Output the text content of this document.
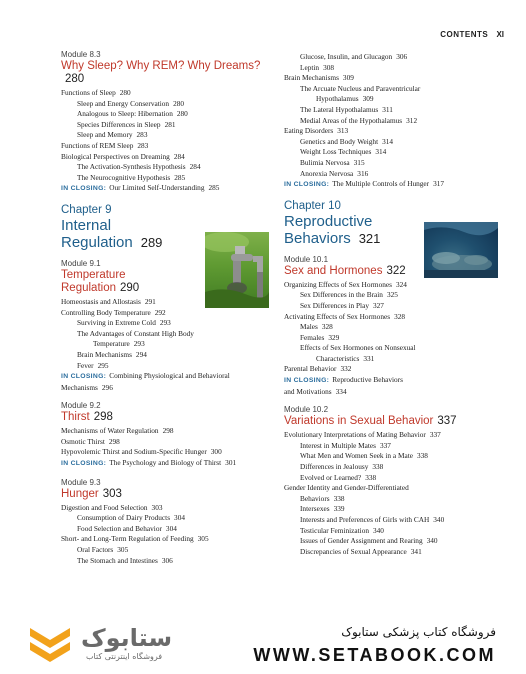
CONTENTS XI

Module 8.3

Why Sleep? Why REM? Why Dreams?280

Functions of Sleep 280

Sleep and Energy Conservation 280

Analogous to Sleep: Hibernation 280

Species Differences in Sleep 281

Sleep and Memory 283

Functions of REM Sleep 283

Biological Perspectives on Dreaming 284

The Activation-Synthesis Hypothesis 284

The Neurocognitive Hypothesis 285

IN CLOSING: Our Limited Self-Understanding 285

Chapter 9

Internal

Regulation 289

Module 9.1

Temperature

Regulation 290

Homeostasis and Allostasis 291

Controlling Body Temperature 292

Surviving in Extreme Cold 293

The Advantages of Constant High Body

Temperature 293

Brain Mechanisms 294

Fever 295

IN CLOSING: Combining Physiological and Behavioral

Mechanisms 296

Module 9.2

Thirst 298

Mechanisms of Water Regulation 298

Osmotic Thirst 298

Hypovolemic Thirst and Sodium-Specific Hunger 300

IN CLOSING: The Psychology and Biology of Thirst 301

Module 9.3

Hunger 303

Digestion and Food Selection 303

Consumption of Dairy Products 304

Food Selection and Behavior 304

Short- and Long-Term Regulation of Feeding 305

Oral Factors 305

The Stomach and Intestines 306

Glucose, Insulin, and Glucagon 306

Leptin 308

Brain Mechanisms 309

The Arcuate Nucleus and Paraventricular

Hypothalamus 309

The Lateral Hypothalamus 311

Medial Areas of the Hypothalamus 312

Eating Disorders 313

Genetics and Body Weight 314

Weight Loss Techniques 314

Bulimia Nervosa 315

Anorexia Nervosa 316

IN CLOSING: The Multiple Controls of Hunger 317

Chapter 10

Reproductive

Behaviors 321

Module 10.1

Sex and Hormones 322

Organizing Effects of Sex Hormones 324

Sex Differences in the Brain 325

Sex Differences in Play 327

Activating Effects of Sex Hormones 328

Males 328

Females 329

Effects of Sex Hormones on Nonsexual

Characteristics 331

Parental Behavior 332

IN CLOSING: Reproductive Behaviors

and Motivations 334

Module 10.2

Variations in Sexual Behavior 337

Evolutionary Interpretations of Mating Behavior 337

Interest in Multiple Mates 337

What Men and Women Seek in a Mate 338

Differences in Jealousy 338

Evolved or Learned? 338

Gender Identity and Gender-Differentiated

Behaviors 338

Intersexes 339

Interests and Preferences of Girls with CAH 340

Testicular Feminization 340

Issues of Gender Assignment and Rearing 340

Discrepancies of Sexual Appearance 341

ستابوک
فروشگاه اینترنتی کتاب
فروشگاه کتاب پزشکی ستابوک
WWW.SETABOOK.COM
